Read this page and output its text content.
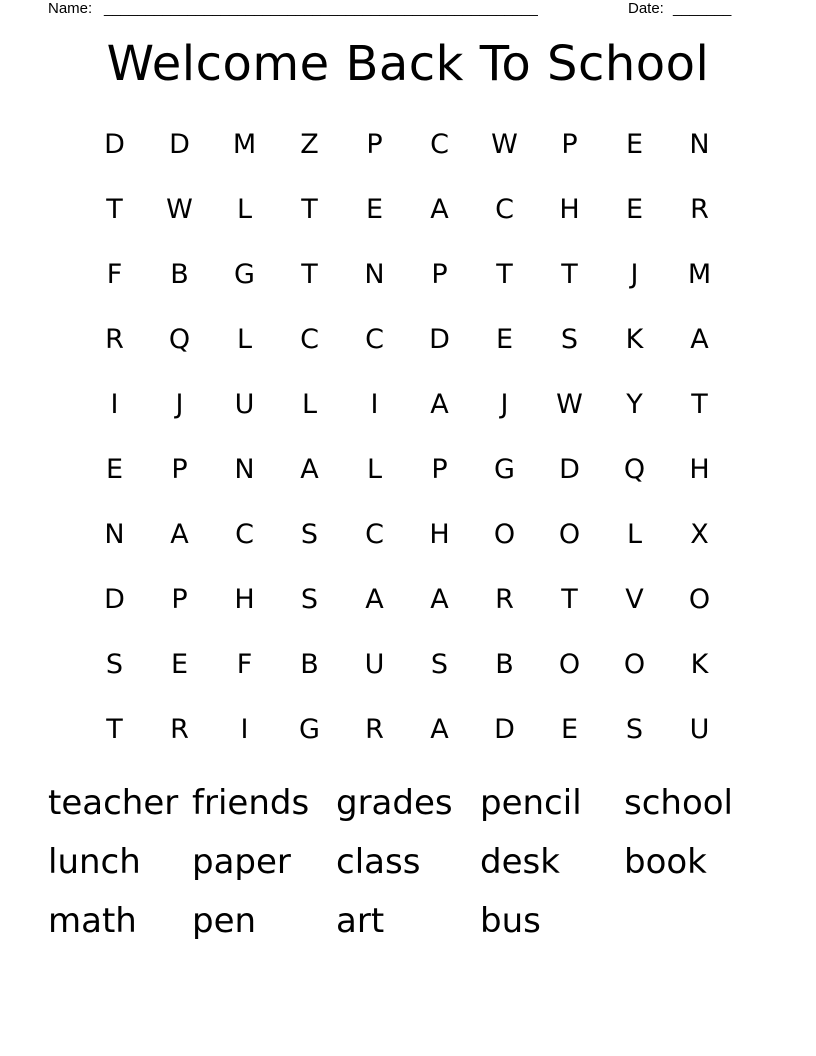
Name: ____________________________________________________	Date: _______
Welcome Back To School
D	D	M	Z	P	C	W	P	E	N
T	W	L	T	E	A	C	H	E	R
F	B	G	T	N	P	T	T	J	M
R	Q	L	C	C	D	E	S	K	A
I	J	U	L	I	A	J	W	Y	T
E	P	N	A	L	P	G	D	Q	H
N	A	C	S	C	H	O	O	L	X
D	P	H	S	A	A	R	T	V	O
S	E	F	B	U	S	B	O	O	K
T	R	I	G	R	A	D	E	S	U
teacher friends grades pencil	school
lunch	paper	class	desk	book
math	pen	art	bus
